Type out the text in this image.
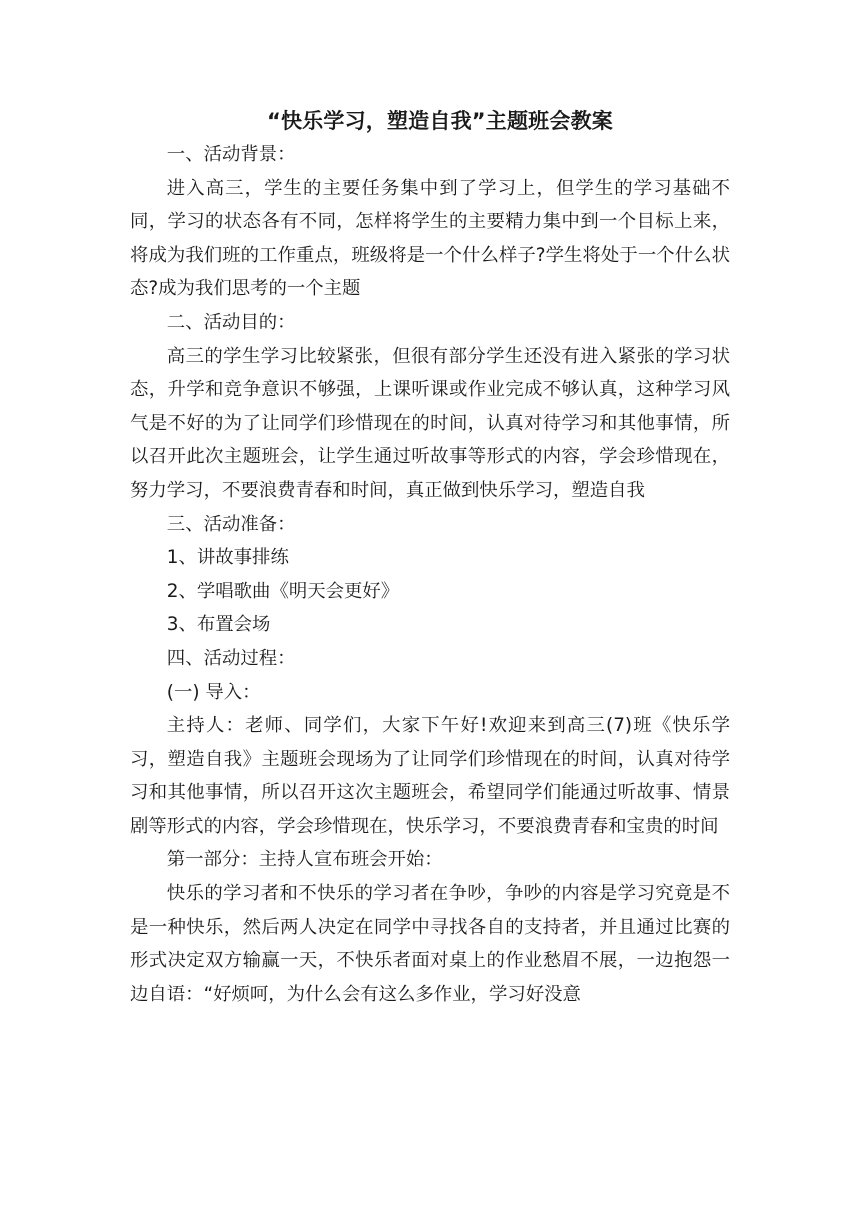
“快乐学习，塑造自我”主题班会教案

一、活动背景：

进入高三，学生的主要任务集中到了学习上，但学生的学习基础不同，学习的状态各有不同，怎样将学生的主要精力集中到一个目标上来，将成为我们班的工作重点，班级将是一个什么样子?学生将处于一个什么状态?成为我们思考的一个主题

二、活动目的：

高三的学生学习比较紧张，但很有部分学生还没有进入紧张的学习状态，升学和竞争意识不够强，上课听课或作业完成不够认真，这种学习风气是不好的为了让同学们珍惜现在的时间，认真对待学习和其他事情，所以召开此次主题班会，让学生通过听故事等形式的内容，学会珍惜现在，努力学习，不要浪费青春和时间，真正做到快乐学习，塑造自我

三、活动准备：

1、讲故事排练

2、学唱歌曲《明天会更好》

3、布置会场

四、活动过程：

(一) 导入：

主持人：老师、同学们，大家下午好!欢迎来到高三(7)班《快乐学习，塑造自我》主题班会现场为了让同学们珍惜现在的时间，认真对待学习和其他事情，所以召开这次主题班会，希望同学们能通过听故事、情景剧等形式的内容，学会珍惜现在，快乐学习，不要浪费青春和宝贵的时间

第一部分：主持人宣布班会开始：

快乐的学习者和不快乐的学习者在争吵，争吵的内容是学习究竟是不是一种快乐，然后两人决定在同学中寻找各自的支持者，并且通过比赛的形式决定双方输赢一天，不快乐者面对桌上的作业愁眉不展，一边抱怨一边自语：“好烦呵，为什么会有这么多作业，学习好没意
